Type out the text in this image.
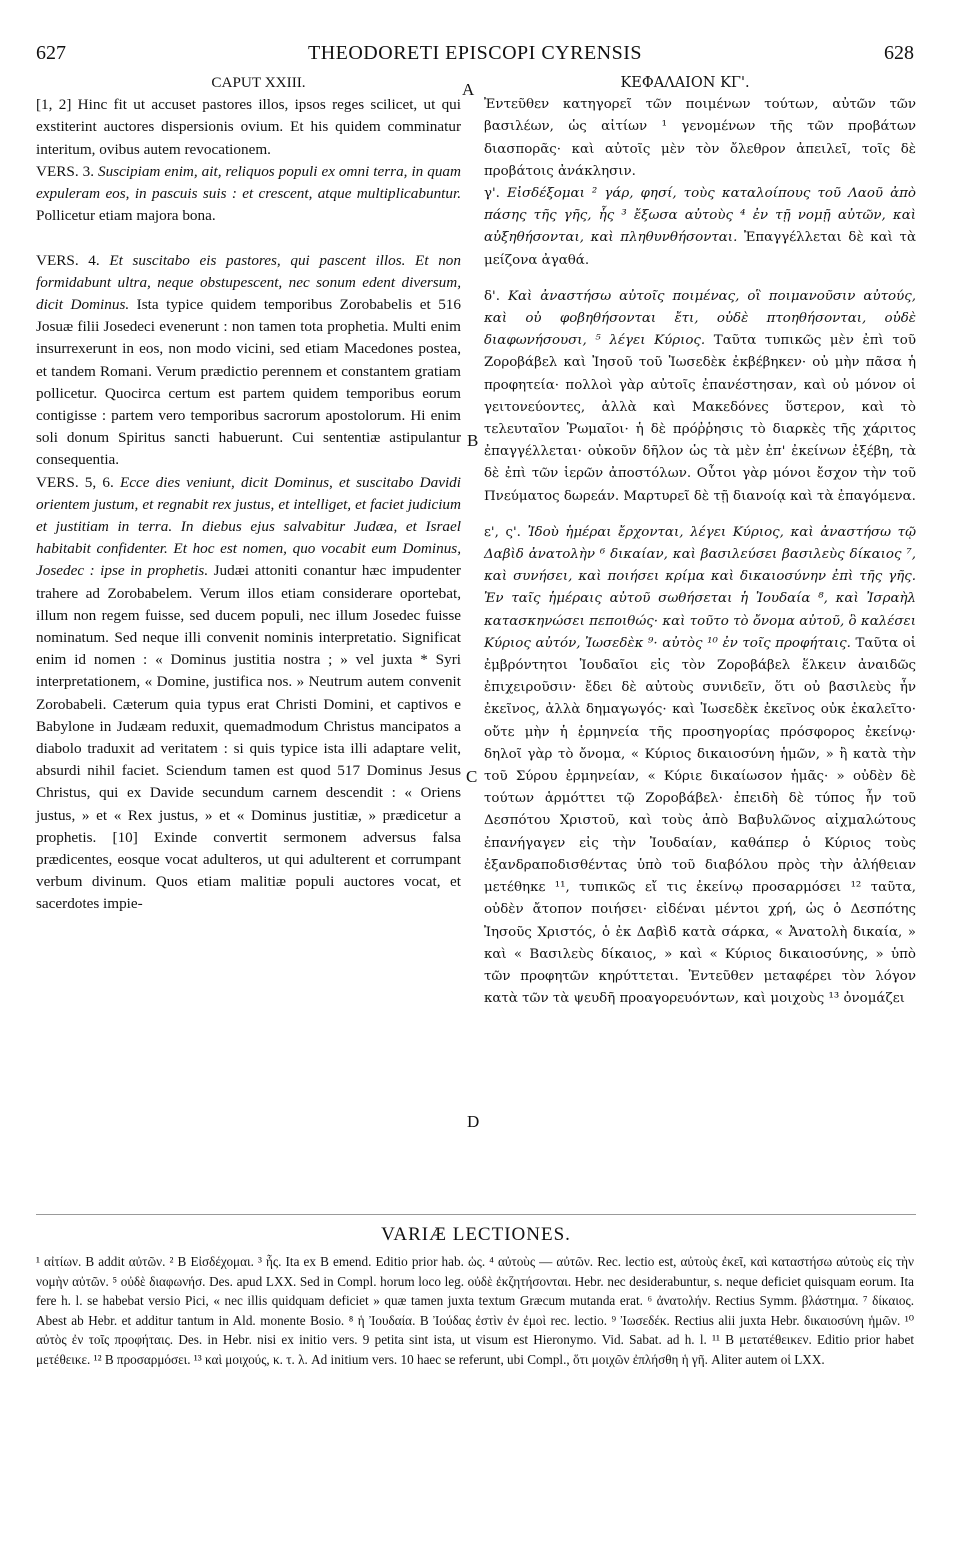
627	THEODORETI EPISCOPI CYRENSIS	628
A
B
C
D
CAPUT XXIII.

[1, 2] Hinc fit ut accuset pastores illos, ipsos reges scilicet, ut qui exstiterint auctores dispersionis ovium. Et his quidem comminatur interitum, ovibus autem revocationem.

VERS. 3. Suscipiam enim, ait, reliquos populi ex omni terra, in quam expuleram eos, in pascuis suis : et crescent, atque multiplicabuntur. Pollicetur etiam majora bona.

VERS. 4. Et suscitabo eis pastores, qui pascent illos. Et non formidabunt ultra, neque obstupescent, nec sonum edent diversum, dicit Dominus. Ista typice quidem temporibus Zorobabelis et 516 Josuæ filii Josedeci evenerunt : non tamen tota prophetia. Multi enim insurrexerunt in eos, non modo vicini, sed etiam Macedones postea, et tandem Romani. Verum prædictio perennem et constantem gratiam pollicetur. Quocirca certum est partem quidem temporibus eorum contigisse : partem vero temporibus sacrorum apostolorum. Hi enim soli donum Spiritus sancti habuerunt. Cui sententiæ astipulantur consequentia.

VERS. 5, 6. Ecce dies veniunt, dicit Dominus, et suscitabo Davidi orientem justum, et regnabit rex justus, et intelliget, et faciet judicium et justitiam in terra. In diebus ejus salvabitur Judæa, et Israel habitabit confidenter. Et hoc est nomen, quo vocabit eum Dominus, Josedec : ipse in prophetis. Judæi attoniti conantur hæc impudenter trahere ad Zorobabelem. Verum illos etiam considerare oportebat, illum non regem fuisse, sed ducem populi, nec illum Josedec fuisse nominatum. Sed neque illi convenit nominis interpretatio. Significat enim id nomen : « Dominus justitia nostra ; » vel juxta * Syri interpretationem, « Domine, justifica nos. » Neutrum autem convenit Zorobabeli. Cæterum quia typus erat Christi Domini, et captivos e Babylone in Judæam reduxit, quemadmodum Christus mancipatos a diabolo traduxit ad veritatem : si quis typice ista illi adaptare velit, absurdi nihil faciet. Sciendum tamen est quod 517 Dominus Jesus Christus, qui ex Davide secundum carnem descendit : « Oriens justus, » et « Rex justus, » et « Dominus justitiæ, » prædicetur a prophetis. [10] Exinde convertit sermonem adversus falsa prædicentes, eosque vocat adulteros, ut qui adulterent et corrumpant verbum divinum. Quos etiam malitiæ populi auctores vocat, et sacerdotes impie-

ΚΕΦΑΛΑΙΟΝ ΚΓ'.

Ἐντεῦθεν κατηγορεῖ τῶν ποιμένων τούτων, αὐτῶν τῶν βασιλέων, ὡς αἰτίων ¹ γενομένων τῆς τῶν προβάτων διασπορᾶς· καὶ αὐτοῖς μὲν τὸν ὄλεθρον ἀπειλεῖ, τοῖς δὲ προβάτοις ἀνάκλησιν.

γ'. Εἰσδέξομαι ² γάρ, φησί, τοὺς καταλοίπους τοῦ Λαοῦ ἀπὸ πάσης τῆς γῆς, ἧς ³ ἔξωσα αὐτοὺς ⁴ ἐν τῇ νομῇ αὐτῶν, καὶ αὐξηθήσονται, καὶ πληθυνθήσονται. Ἐπαγγέλλεται δὲ καὶ τὰ μείζονα ἀγαθά.

δ'. Καὶ ἀναστήσω αὐτοῖς ποιμένας, οἳ ποιμανοῦσιν αὐτούς, καὶ οὐ φοβηθήσονται ἔτι, οὐδὲ πτοηθήσονται, οὐδὲ διαφωνήσουσι, ⁵ λέγει Κύριος. Ταῦτα τυπικῶς μὲν ἐπὶ τοῦ Ζοροβάβελ καὶ Ἰησοῦ τοῦ Ἰωσεδὲκ ἐκβέβηκεν· οὐ μὴν πᾶσα ἡ προφητεία· πολλοὶ γὰρ αὐτοῖς ἐπανέστησαν, καὶ οὐ μόνον οἱ γειτονεύοντες, ἀλλὰ καὶ Μακεδόνες ὕστερον, καὶ τὸ τελευταῖον Ῥωμαῖοι· ἡ δὲ πρόῤῥησις τὸ διαρκὲς τῆς χάριτος ἐπαγγέλλεται· οὐκοῦν δῆλον ὡς τὰ μὲν ἐπ' ἐκείνων ἐξέβη, τὰ δὲ ἐπὶ τῶν ἱερῶν ἀποστόλων. Οὗτοι γὰρ μόνοι ἔσχον τὴν τοῦ Πνεύματος δωρεάν. Μαρτυρεῖ δὲ τῇ διανοίᾳ καὶ τὰ ἐπαγόμενα.

ε', ς'. Ἰδοὺ ἡμέραι ἔρχονται, λέγει Κύριος, καὶ ἀναστήσω τῷ Δαβὶδ ἀνατολὴν ⁶ δικαίαν, καὶ βασιλεύσει βασιλεὺς δίκαιος ⁷, καὶ συνήσει, καὶ ποιήσει κρίμα καὶ δικαιοσύνην ἐπὶ τῆς γῆς. Ἐν ταῖς ἡμέραις αὐτοῦ σωθήσεται ἡ Ἰουδαία ⁸, καὶ Ἰσραὴλ κατασκηνώσει πεποιθώς· καὶ τοῦτο τὸ ὄνομα αὐτοῦ, ὃ καλέσει Κύριος αὐτόν, Ἰωσεδὲκ ⁹· αὐτὸς ¹⁰ ἐν τοῖς προφήταις. Ταῦτα οἱ ἐμβρόντητοι Ἰουδαῖοι εἰς τὸν Ζοροβάβελ ἕλκειν ἀναιδῶς ἐπιχειροῦσιν· ἔδει δὲ αὐτοὺς συνιδεῖν, ὅτι οὐ βασιλεὺς ἦν ἐκεῖνος, ἀλλὰ δημαγωγός· καὶ Ἰωσεδὲκ ἐκεῖνος οὐκ ἐκαλεῖτο· οὔτε μὴν ἡ ἑρμηνεία τῆς προσηγορίας πρόσφορος ἐκείνῳ· δηλοῖ γὰρ τὸ ὄνομα, « Κύριος δικαιοσύνη ἡμῶν, » ἢ κατὰ τὴν τοῦ Σύρου ἑρμηνείαν, « Κύριε δικαίωσον ἡμᾶς· » οὐδὲν δὲ τούτων ἁρμόττει τῷ Ζοροβάβελ· ἐπειδὴ δὲ τύπος ἦν τοῦ Δεσπότου Χριστοῦ, καὶ τοὺς ἀπὸ Βαβυλῶνος αἰχμαλώτους ἐπανήγαγεν εἰς τὴν Ἰουδαίαν, καθάπερ ὁ Κύριος τοὺς ἐξανδραποδισθέντας ὑπὸ τοῦ διαβόλου πρὸς τὴν ἀλήθειαν μετέθηκε ¹¹, τυπικῶς εἴ τις ἐκείνῳ προσαρμόσει ¹² ταῦτα, οὐδὲν ἄτοπον ποιήσει· εἰδέναι μέντοι χρή, ὡς ὁ Δεσπότης Ἰησοῦς Χριστός, ὁ ἐκ Δαβὶδ κατὰ σάρκα, « Ἀνατολὴ δικαία, » καὶ « Βασιλεὺς δίκαιος, » καὶ « Κύριος δικαιοσύνης, » ὑπὸ τῶν προφητῶν κηρύττεται. Ἐντεῦθεν μεταφέρει τὸν λόγον κατὰ τῶν τὰ ψευδῆ προαγορευόντων, καὶ μοιχοὺς ¹³ ὀνομάζει

VARIÆ LECTIONES.
¹ αἰτίων. B addit αὐτῶν. ² B Εἰσδέχομαι. ³ ἧς. Ita ex B emend. Editio prior hab. ὡς. ⁴ αὐτοὺς — αὐτῶν. Rec. lectio est, αὐτοὺς ἐκεῖ, καὶ καταστήσω αὐτοὺς εἰς τὴν νομὴν αὐτῶν. ⁵ οὐδὲ διαφωνήσ. Des. apud LXX. Sed in Compl. horum loco leg. οὐδὲ ἐκζητήσονται. Hebr. nec desiderabuntur, s. neque deficiet quisquam eorum. Ita fere h. l. se habebat versio Pici, « nec illis quidquam deficiet » quæ tamen juxta textum Græcum mutanda erat. ⁶ ἀνατολήν. Rectius Symm. βλάστημα. ⁷ δίκαιος. Abest ab Hebr. et additur tantum in Ald. monente Bosio. ⁸ ἡ Ἰουδαία. B Ἰούδας ἐστὶν ἐν ἐμοὶ rec. lectio. ⁹ Ἰωσεδέκ. Rectius alii juxta Hebr. δικαιοσύνη ἡμῶν. ¹⁰ αὐτὸς ἐν τοῖς προφήταις. Des. in Hebr. nisi ex initio vers. 9 petita sint ista, ut visum est Hieronymo. Vid. Sabat. ad h. l. ¹¹ B μετατέθεικεν. Editio prior habet μετέθεικε. ¹² B προσαρμόσει. ¹³ καὶ μοιχούς, κ. τ. λ. Ad initium vers. 10 haec se referunt, ubi Compl., ὅτι μοιχῶν ἐπλήσθη ἡ γῆ. Aliter autem oἱ LXX.
